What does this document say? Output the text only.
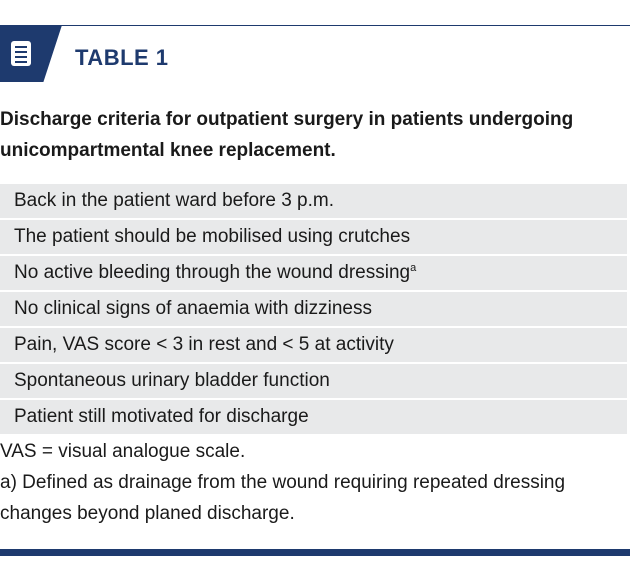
TABLE 1
Discharge criteria for outpatient surgery in patients undergoing unicompartmental knee replacement.
Back in the patient ward before 3 p.m.
The patient should be mobilised using crutches
No active bleeding through the wound dressing$^a$
No clinical signs of anaemia with dizziness
Pain, VAS score < 3 in rest and < 5 at activity
Spontaneous urinary bladder function
Patient still motivated for discharge

VAS = visual analogue scale.

a) Defined as drainage from the wound requiring repeated dressing changes beyond planed discharge.
